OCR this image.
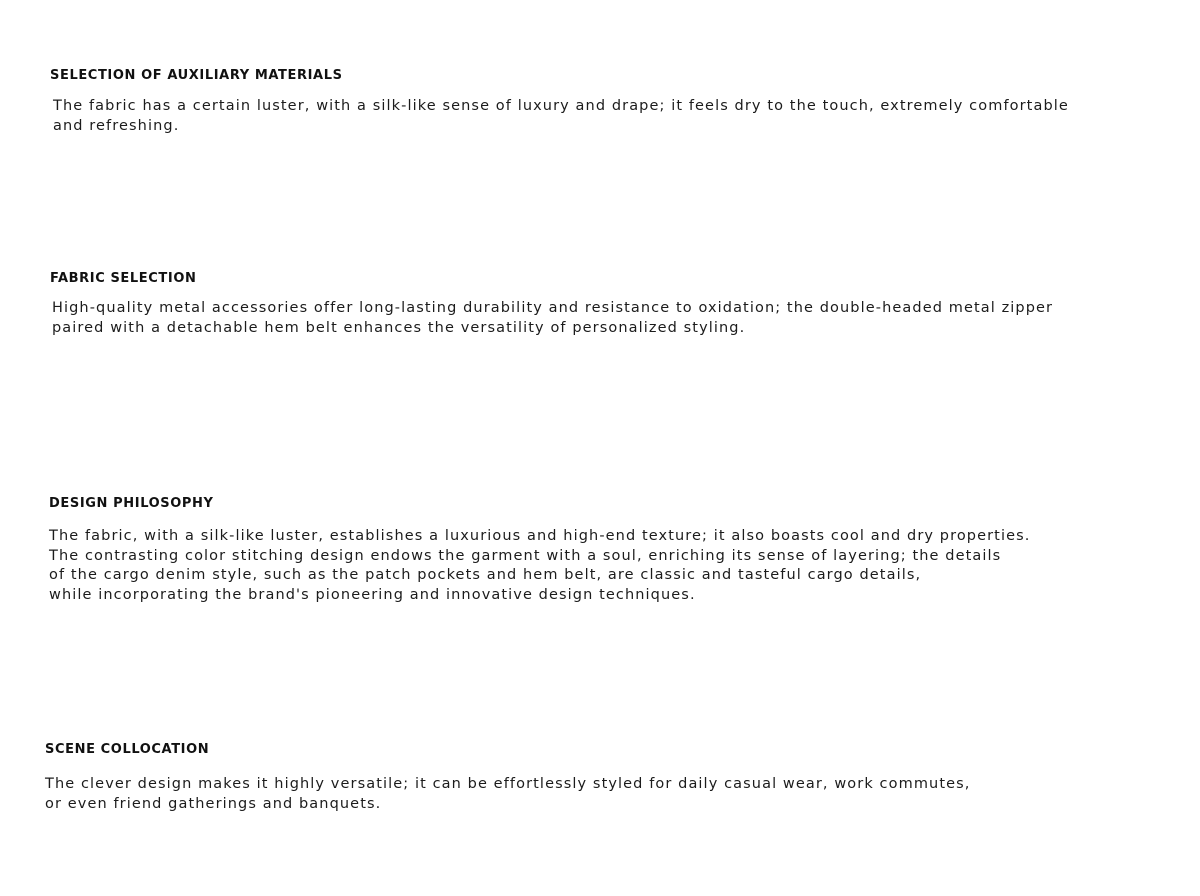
SELECTION OF AUXILIARY MATERIALS

The fabric has a certain luster, with a silk-like sense of luxury and drape; it feels dry to the touch, extremely comfortable
and refreshing.

FABRIC SELECTION

High-quality metal accessories offer long-lasting durability and resistance to oxidation; the double-headed metal zipper
paired with a detachable hem belt enhances the versatility of personalized styling.

DESIGN PHILOSOPHY

The fabric, with a silk-like luster, establishes a luxurious and high-end texture; it also boasts cool and dry properties.
The contrasting color stitching design endows the garment with a soul, enriching its sense of layering; the details
of the cargo denim style, such as the patch pockets and hem belt, are classic and tasteful cargo details,
while incorporating the brand's pioneering and innovative design techniques.

SCENE COLLOCATION

The clever design makes it highly versatile; it can be effortlessly styled for daily casual wear, work commutes,
or even friend gatherings and banquets.
